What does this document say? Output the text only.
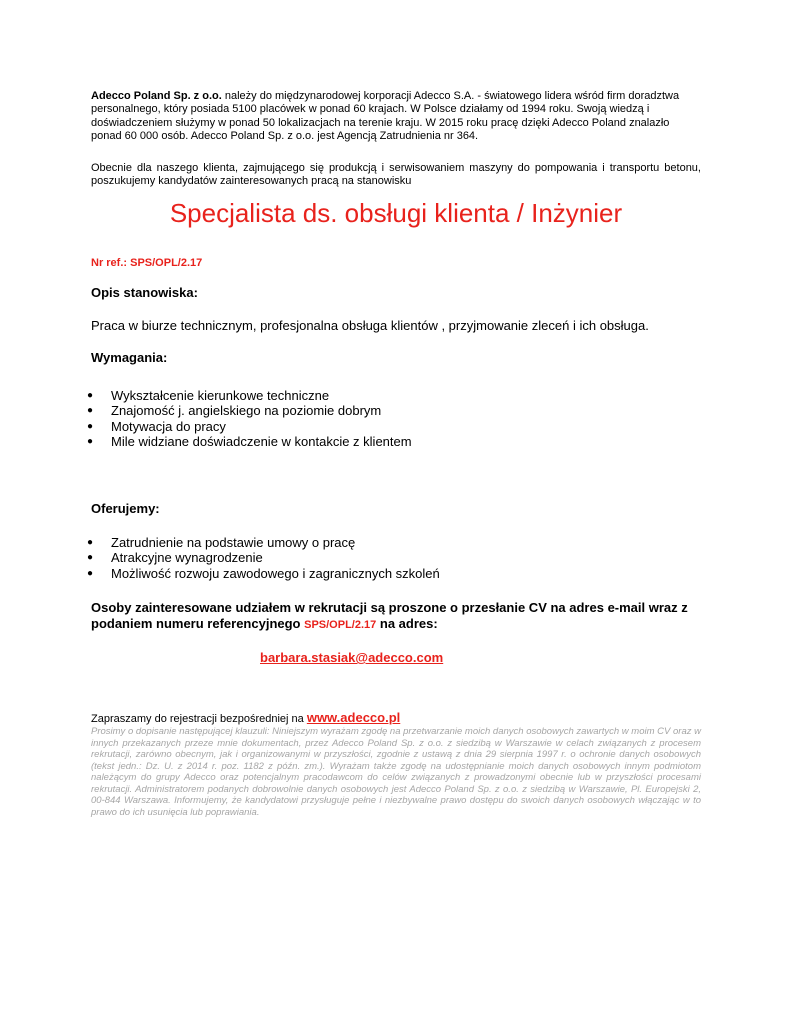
Adecco Poland Sp. z o.o. należy do międzynarodowej korporacji Adecco S.A. - światowego lidera wśród firm doradztwa personalnego, który posiada 5100 placówek w ponad 60 krajach. W Polsce działamy od 1994 roku. Swoją wiedzą i doświadczeniem służymy w ponad 50 lokalizacjach na terenie kraju. W 2015 roku pracę dzięki Adecco Poland znalazło ponad 60 000 osób. Adecco Poland Sp. z o.o. jest Agencją Zatrudnienia nr 364.
Obecnie dla naszego klienta, zajmującego się produkcją i serwisowaniem maszyny do pompowania i transportu betonu, poszukujemy kandydatów zainteresowanych pracą na stanowisku
Specjalista ds. obsługi klienta / Inżynier
Nr ref.: SPS/OPL/2.17
Opis stanowiska:
Praca w biurze technicznym, profesjonalna obsługa klientów , przyjmowanie zleceń i ich obsługa.
Wymagania:
● Wykształcenie kierunkowe techniczne
● Znajomość j. angielskiego na poziomie dobrym
● Motywacja do pracy
● Mile widziane doświadczenie w kontakcie z klientem
Oferujemy:
● Zatrudnienie na podstawie umowy o pracę
● Atrakcyjne wynagrodzenie
● Możliwość rozwoju zawodowego i zagranicznych szkoleń
Osoby zainteresowane udziałem w rekrutacji są proszone o przesłanie CV na adres e-mail wraz z podaniem numeru referencyjnego SPS/OPL/2.17 na adres:
barbara.stasiak@adecco.com
Zapraszamy do rejestracji bezpośredniej na www.adecco.pl
Prosimy o dopisanie następującej klauzuli: Niniejszym wyrażam zgodę na przetwarzanie moich danych osobowych zawartych w moim CV oraz w innych przekazanych przeze mnie dokumentach, przez Adecco Poland Sp. z o.o. z siedzibą w Warszawie w celach związanych z procesem rekrutacji, zarówno obecnym, jak i organizowanymi w przyszłości, zgodnie z ustawą z dnia 29 sierpnia 1997 r. o ochronie danych osobowych (tekst jedn.: Dz. U. z 2014 r. poz. 1182 z późn. zm.). Wyrażam także zgodę na udostępnianie moich danych osobowych innym podmiotom należącym do grupy Adecco oraz potencjalnym pracodawcom do celów związanych z prowadzonymi obecnie lub w przyszłości procesami rekrutacji. Administratorem podanych dobrowolnie danych osobowych jest Adecco Poland Sp. z o.o. z siedzibą w Warszawie, Pl. Europejski 2, 00-844 Warszawa. Informujemy, że kandydatowi przysługuje pełne i niezbywalne prawo dostępu do swoich danych osobowych włączając w to prawo do ich usunięcia lub poprawiania.
